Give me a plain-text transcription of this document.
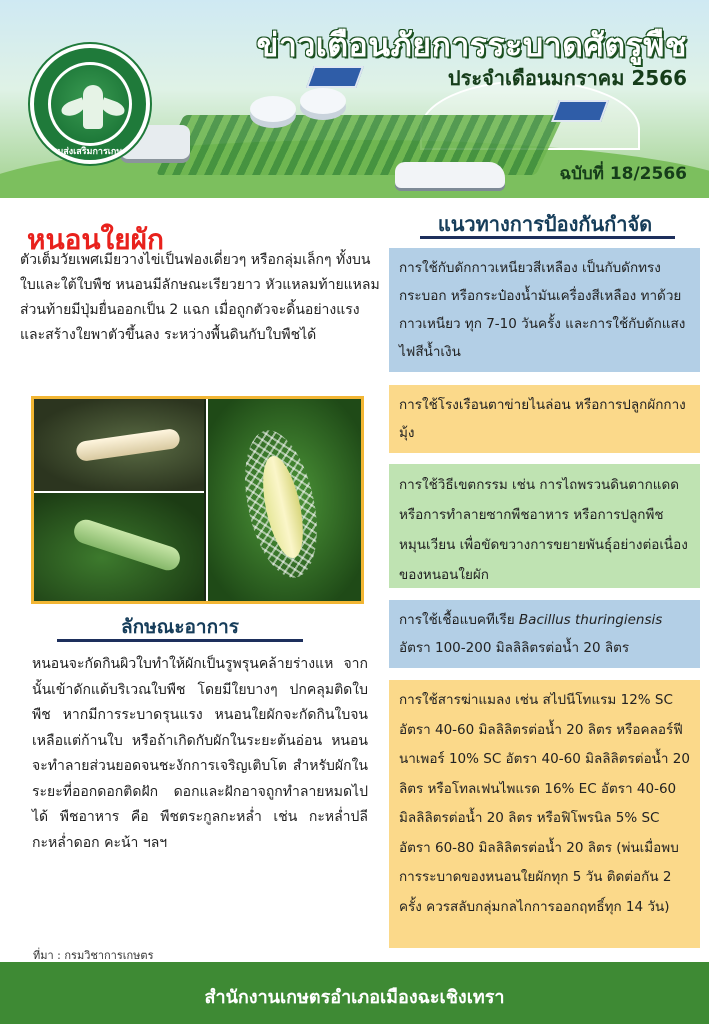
กรมส่งเสริมการเกษตร
ข่าวเตือนภัยการระบาดศัตรูพืช
ประจำเดือนมกราคม 2566
ฉบับที่ 18/2566
หนอนใยผัก
ตัวเต็มวัยเพศเมียวางไข่เป็นฟองเดี่ยวๆ หรือกลุ่มเล็กๆ ทั้งบนใบและใต้ใบพืช หนอนมีลักษณะเรียวยาว หัวแหลมท้ายแหลม ส่วนท้ายมีปุ่มยื่นออกเป็น 2 แฉก เมื่อถูกตัวจะดิ้นอย่างแรง และสร้างใยพาตัวขึ้นลง ระหว่างพื้นดินกับใบพืชได้
ลักษณะอาการ
หนอนจะกัดกินผิวใบทำให้ผักเป็นรูพรุนคล้ายร่างแห จากนั้นเข้าดักแด้บริเวณใบพืช โดยมีใยบางๆ ปกคลุมติดใบพืช หากมีการระบาดรุนแรง หนอนใยผักจะกัดกินใบจนเหลือแต่ก้านใบ หรือถ้าเกิดกับผักในระยะต้นอ่อน หนอนจะทำลายส่วนยอดจนชะงักการเจริญเติบโต สำหรับผักในระยะที่ออกดอกติดฝัก ดอกและฝักอาจถูกทำลายหมดไปได้ พืชอาหาร คือ พืชตระกูลกะหล่ำ เช่น กะหล่ำปลี กะหล่ำดอก คะน้า ฯลฯ
ที่มา : กรมวิชาการเกษตร
แนวทางการป้องกันกำจัด
การใช้กับดักกาวเหนียวสีเหลือง เป็นกับดักทรงกระบอก หรือกระป๋องน้ำมันเครื่องสีเหลือง ทาด้วยกาวเหนียว ทุก 7-10 วันครั้ง และการใช้กับดักแสงไฟสีน้ำเงิน
การใช้โรงเรือนตาข่ายไนล่อน หรือการปลูกผักกางมุ้ง
การใช้วิธีเขตกรรม เช่น การไถพรวนดินตากแดด หรือการทำลายซากพืชอาหาร หรือการปลูกพืชหมุนเวียน เพื่อขัดขวางการขยายพันธุ์อย่างต่อเนื่องของหนอนใยผัก
การใช้เชื้อแบคทีเรีย Bacillus thuringiensis อัตรา 100-200 มิลลิลิตรต่อน้ำ 20 ลิตร
การใช้สารฆ่าแมลง เช่น สไปนีโทแรม 12% SC อัตรา 40-60 มิลลิลิตรต่อน้ำ 20 ลิตร หรือคลอร์ฟีนาเพอร์ 10% SC อัตรา 40-60 มิลลิลิตรต่อน้ำ 20 ลิตร หรือโทลเฟนไพแรด 16% EC อัตรา 40-60 มิลลิลิตรต่อน้ำ 20 ลิตร หรือฟิโพรนิล 5% SC อัตรา 60-80 มิลลิลิตรต่อน้ำ 20 ลิตร (พ่นเมื่อพบการระบาดของหนอนใยผักทุก 5 วัน ติดต่อกัน 2 ครั้ง ควรสลับกลุ่มกลไกการออกฤทธิ์ทุก 14 วัน)
สำนักงานเกษตรอำเภอเมืองฉะเชิงเทรา
